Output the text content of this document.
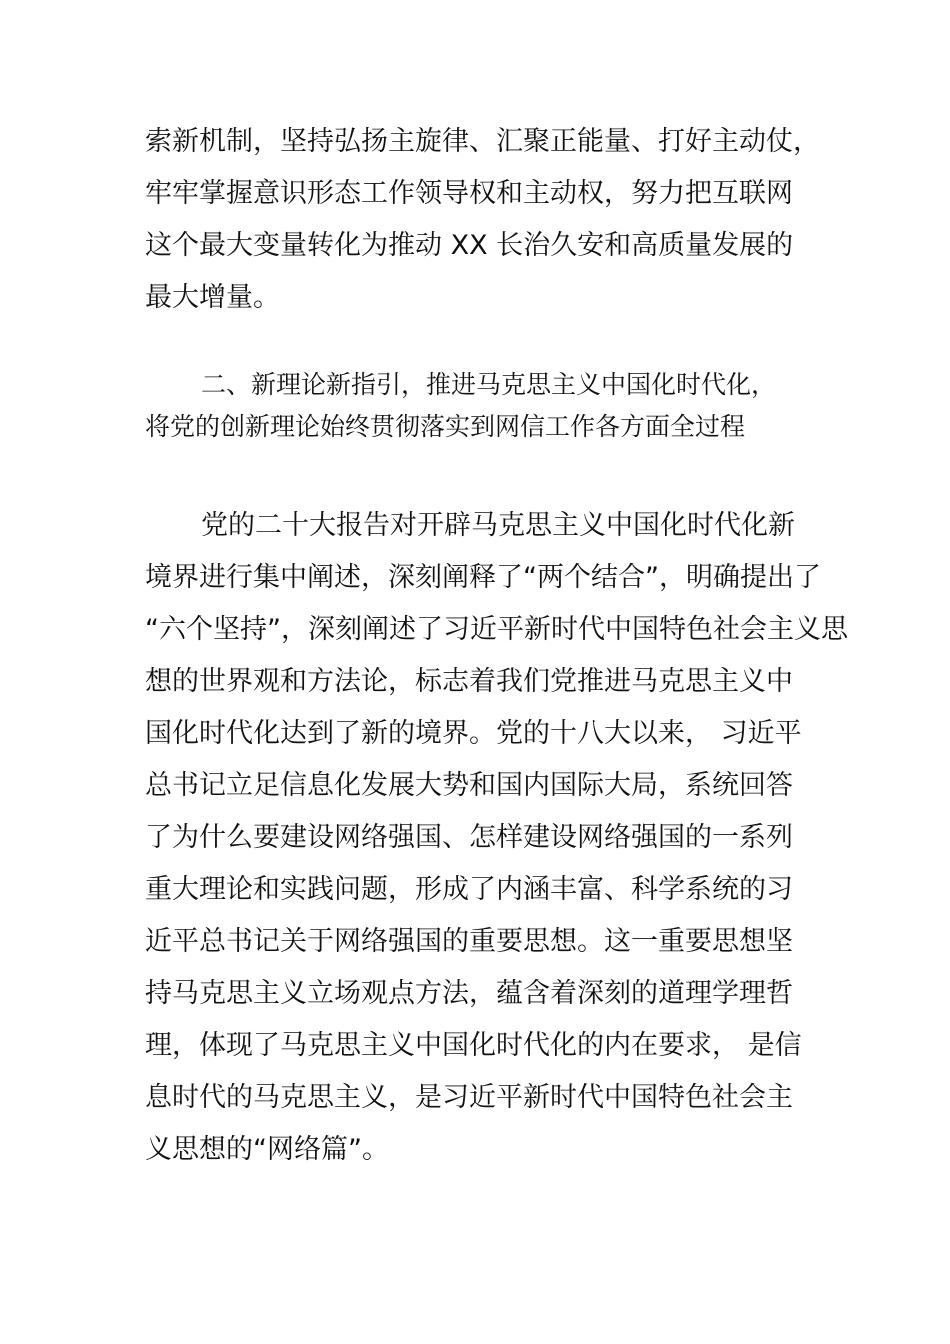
索新机制，坚持弘扬主旋律、汇聚正能量、打好主动仗，
牢牢掌握意识形态工作领导权和主动权，努力把互联网
这个最大变量转化为推动 XX 长治久安和高质量发展的
最大增量。

二、新理论新指引，推进马克思主义中国化时代化，
将党的创新理论始终贯彻落实到网信工作各方面全过程

党的二十大报告对开辟马克思主义中国化时代化新
境界进行集中阐述，深刻阐释了“两个结合”，明确提出了
“六个坚持”，深刻阐述了习近平新时代中国特色社会主义思
想的世界观和方法论，标志着我们党推进马克思主义中
国化时代化达到了新的境界。党的十八大以来， 习近平
总书记立足信息化发展大势和国内国际大局，系统回答
了为什么要建设网络强国、怎样建设网络强国的一系列
重大理论和实践问题，形成了内涵丰富、科学系统的习
近平总书记关于网络强国的重要思想。这一重要思想坚
持马克思主义立场观点方法，蕴含着深刻的道理学理哲
理，体现了马克思主义中国化时代化的内在要求， 是信
息时代的马克思主义，是习近平新时代中国特色社会主
义思想的“网络篇”。
